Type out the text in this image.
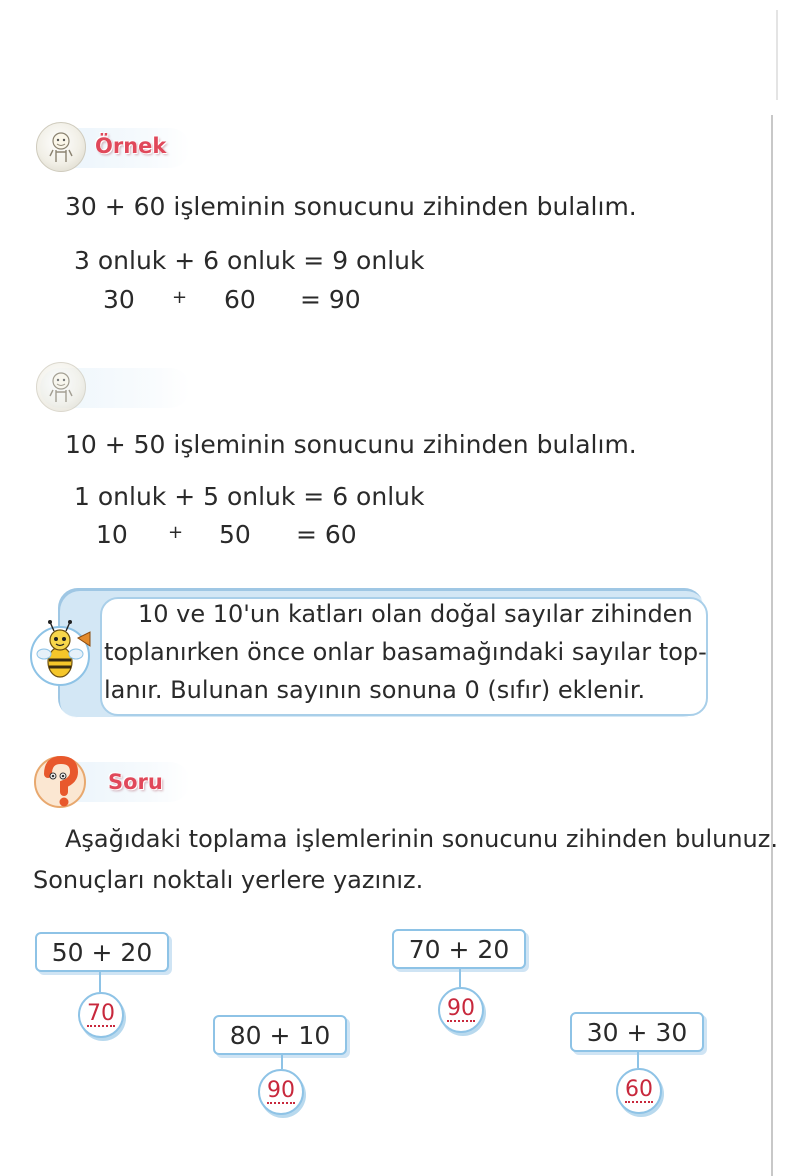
Örnek
30 + 60 işleminin sonucunu zihinden bulalım.
3 onluk + 6 onluk = 9 onluk
30 + 60 = 90
10 + 50 işleminin sonucunu zihinden bulalım.
1 onluk + 5 onluk = 6 onluk
10 + 50 = 60
10 ve 10'un katları olan doğal sayılar zihinden
toplanırken önce onlar basamağındaki sayılar top-
lanır. Bulunan sayının sonuna 0 (sıfır) eklenir.
Soru
Aşağıdaki toplama işlemlerinin sonucunu zihinden bulunuz.
Sonuçları noktalı yerlere yazınız.
50 + 20
70
80 + 10
90
70 + 20
90
30 + 30
60
